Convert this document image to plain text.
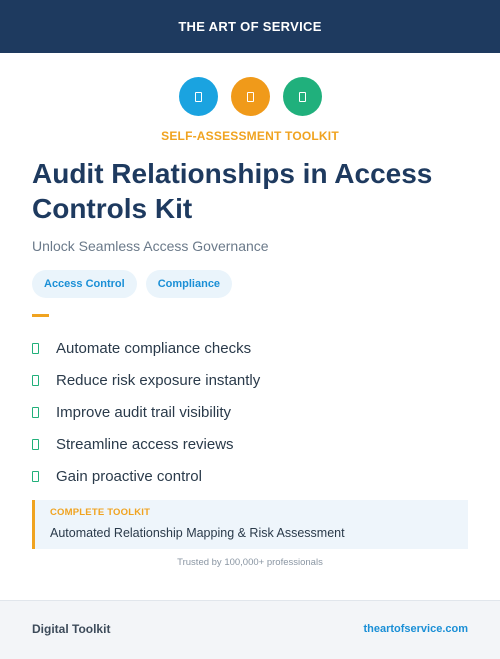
THE ART OF SERVICE
SELF-ASSESSMENT TOOLKIT
Audit Relationships in Access Controls Kit
Unlock Seamless Access Governance
Access Control	Compliance
Automate compliance checks
Reduce risk exposure instantly
Improve audit trail visibility
Streamline access reviews
Gain proactive control
COMPLETE TOOLKIT
Automated Relationship Mapping & Risk Assessment
Trusted by 100,000+ professionals
Digital Toolkit	theartofservice.com
